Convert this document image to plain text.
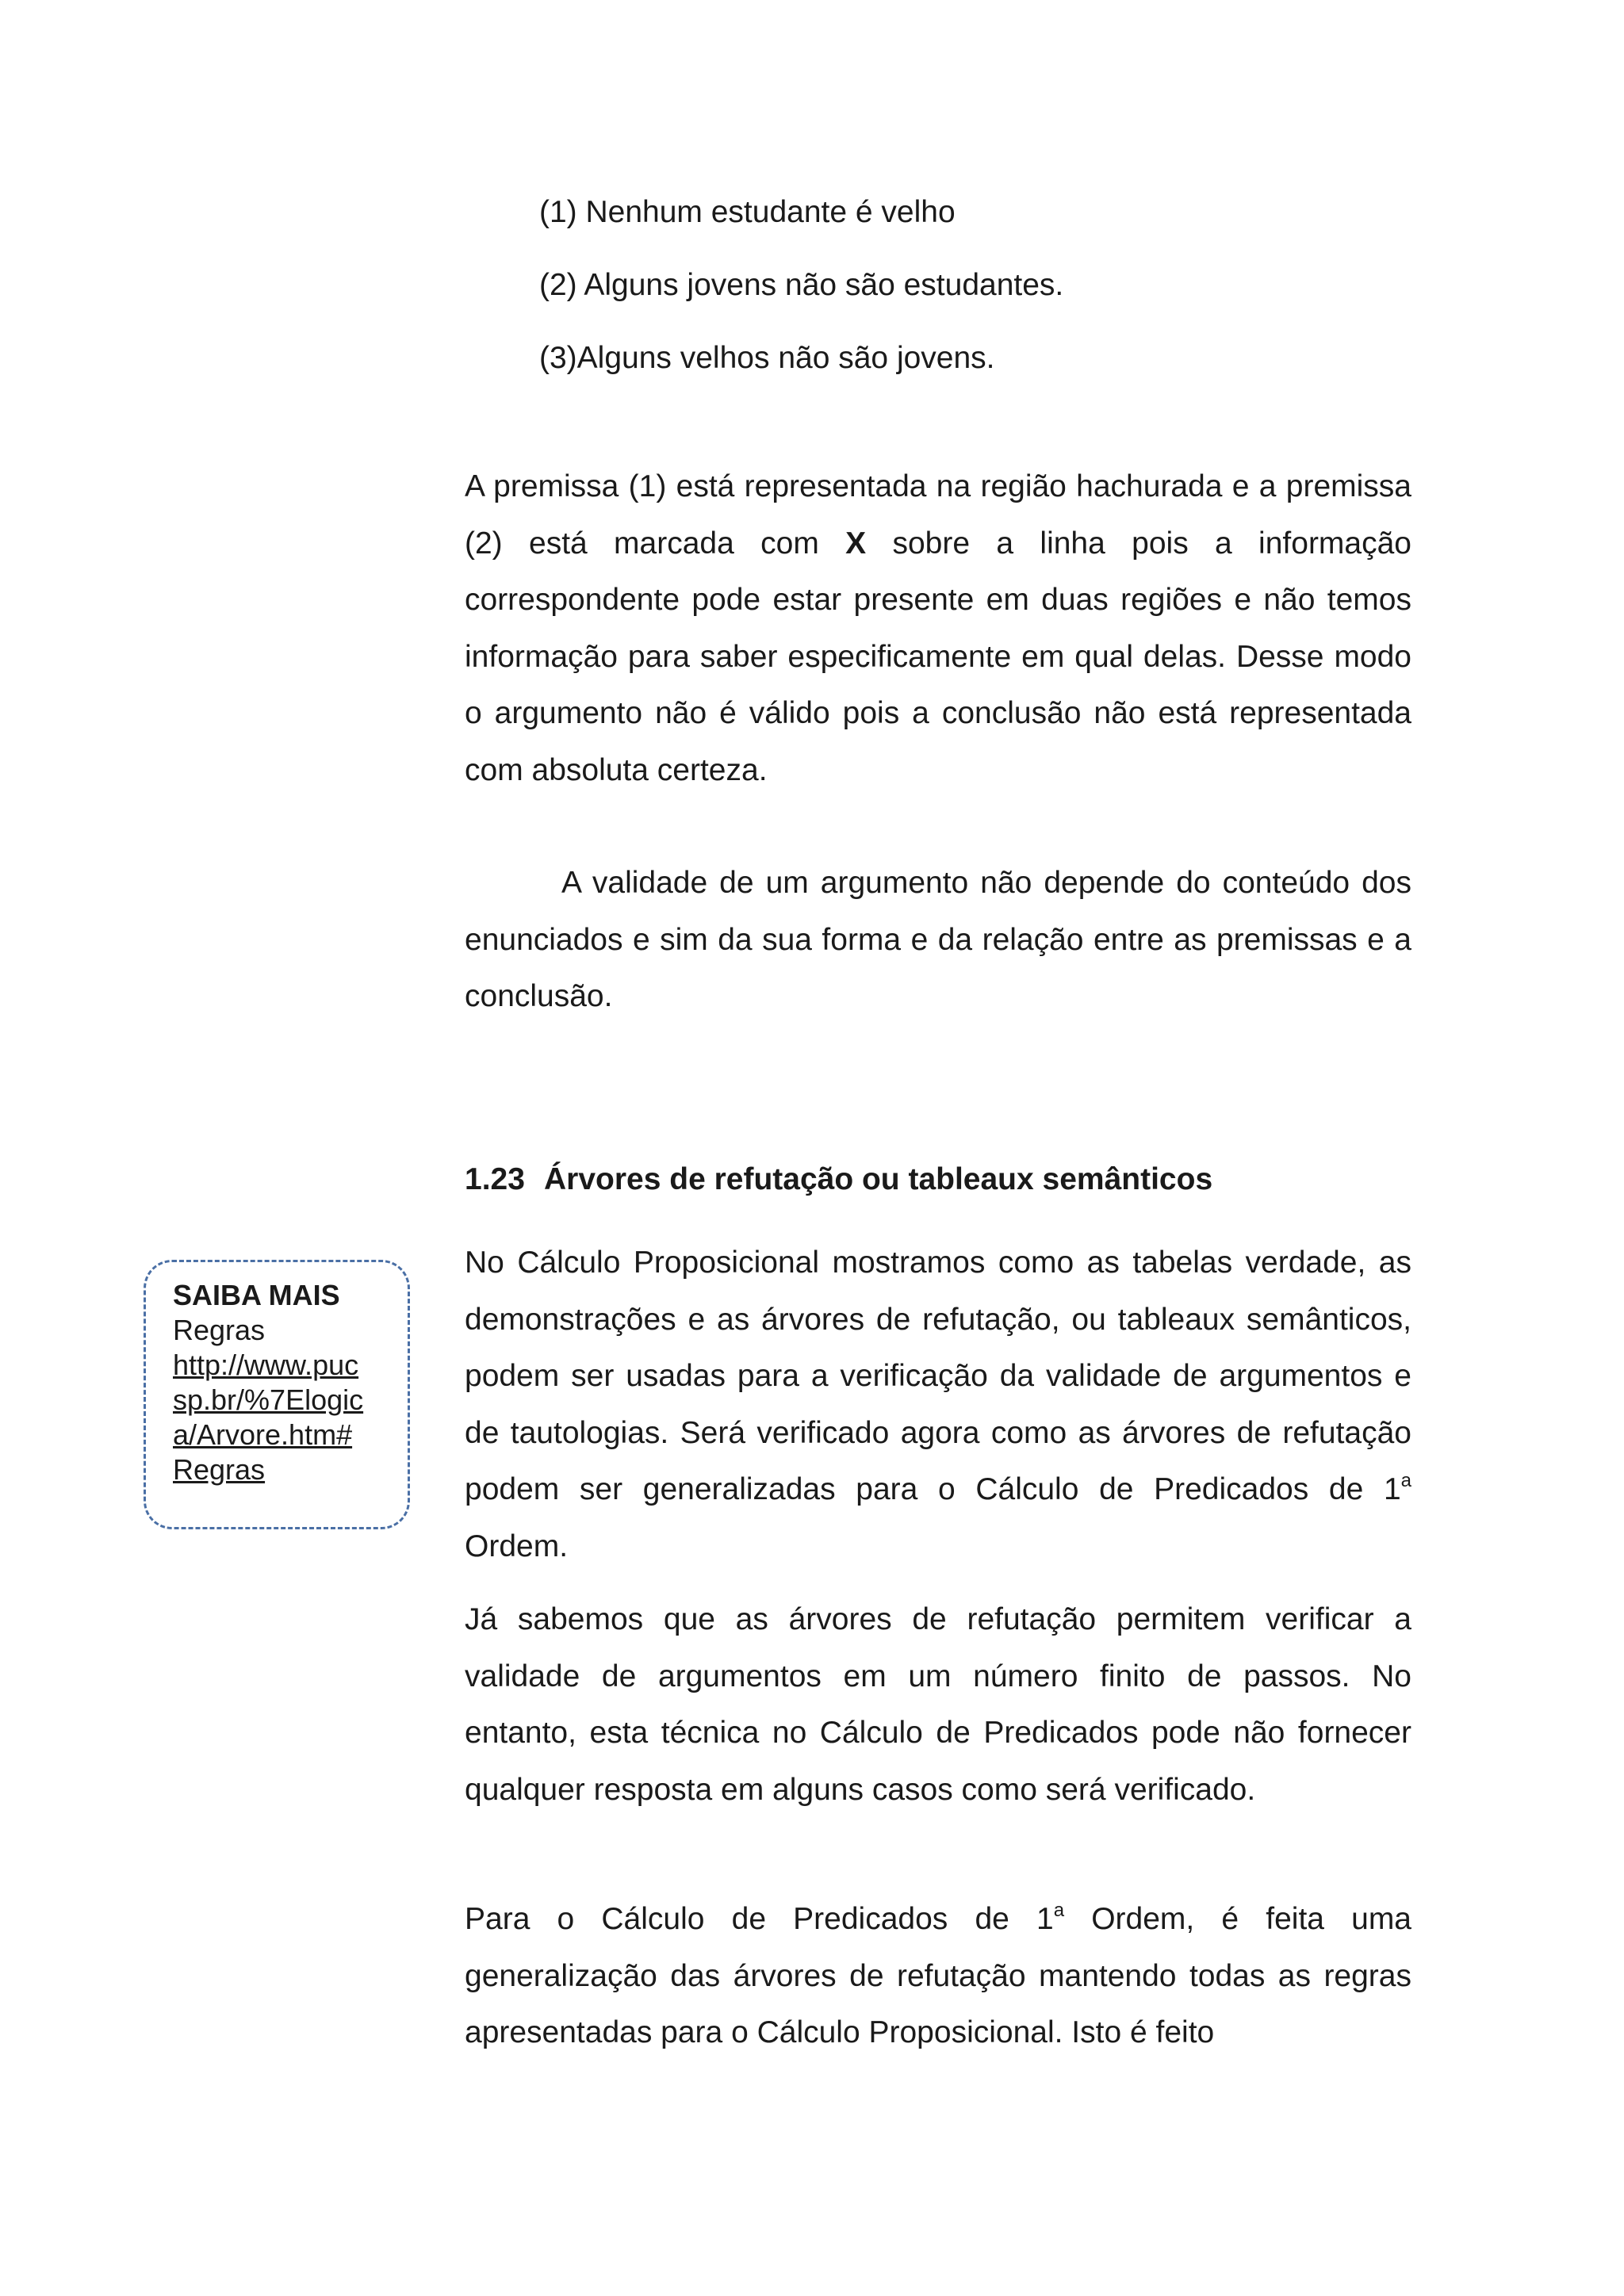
(1) Nenhum estudante é velho
(2) Alguns jovens não são estudantes.
(3)Alguns velhos não são jovens.

A premissa (1) está representada na região hachurada e a premissa (2) está marcada com X sobre a linha pois a informação correspondente pode estar presente em duas regiões e não temos informação para saber especificamente em qual delas. Desse modo o argumento não é válido pois a conclusão não está representada com absoluta certeza.

A validade de um argumento não depende do conteúdo dos enunciados e sim da sua forma e da relação entre as premissas e a conclusão.

1.23 Árvores de refutação ou tableaux semânticos
SAIBA MAIS
Regras
http://www.puc
sp.br/%7Elogic
a/Arvore.htm#
Regras

No Cálculo Proposicional mostramos como as tabelas verdade, as demonstrações e as árvores de refutação, ou tableaux semânticos, podem ser usadas para a verificação da validade de argumentos e de tautologias. Será verificado agora como as árvores de refutação podem ser generalizadas para o Cálculo de Predicados de 1$^a$ Ordem.

Já sabemos que as árvores de refutação permitem verificar a validade de argumentos em um número finito de passos. No entanto, esta técnica no Cálculo de Predicados pode não fornecer qualquer resposta em alguns casos como será verificado.

Para o Cálculo de Predicados de 1$^a$ Ordem, é feita uma generalização das árvores de refutação mantendo todas as regras apresentadas para o Cálculo Proposicional. Isto é feito
